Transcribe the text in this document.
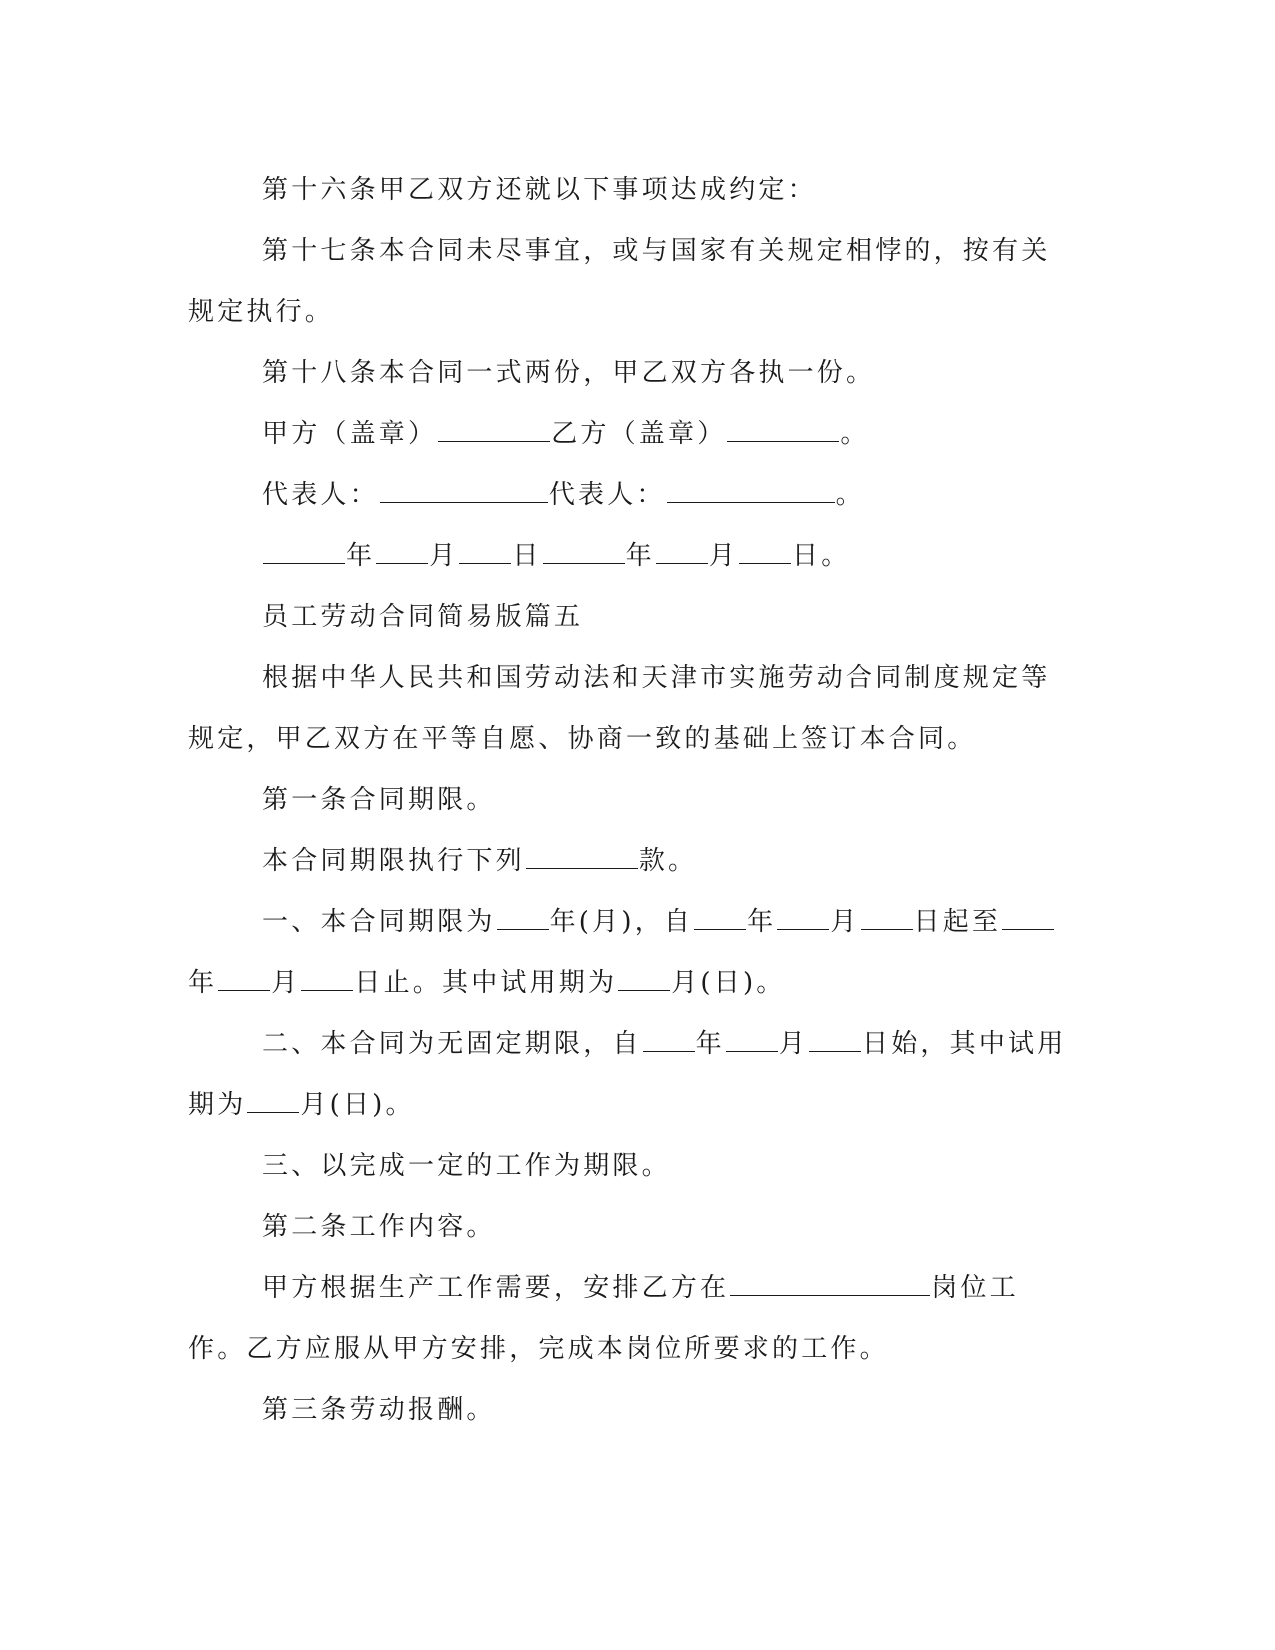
第十六条甲乙双方还就以下事项达成约定：

第十七条本合同未尽事宜，或与国家有关规定相悖的，按有关规定执行。

第十八条本合同一式两份，甲乙双方各执一份。

甲方（盖章）	乙方（盖章）	。

代表人：	代表人：	。

年 月 日	年 月 日。

员工劳动合同简易版篇五

根据中华人民共和国劳动法和天津市实施劳动合同制度规定等规定，甲乙双方在平等自愿、协商一致的基础上签订本合同。

第一条合同期限。

本合同期限执行下列	款。

一、本合同期限为 年(月)，自 年 月 日起至年 月 日止。其中试用期为 月(日)。

二、本合同为无固定期限，自 年 月 日始，其中试用期为 月(日)。

三、以完成一定的工作为期限。

第二条工作内容。

甲方根据生产工作需要，安排乙方在	岗位工作。乙方应服从甲方安排，完成本岗位所要求的工作。

第三条劳动报酬。
